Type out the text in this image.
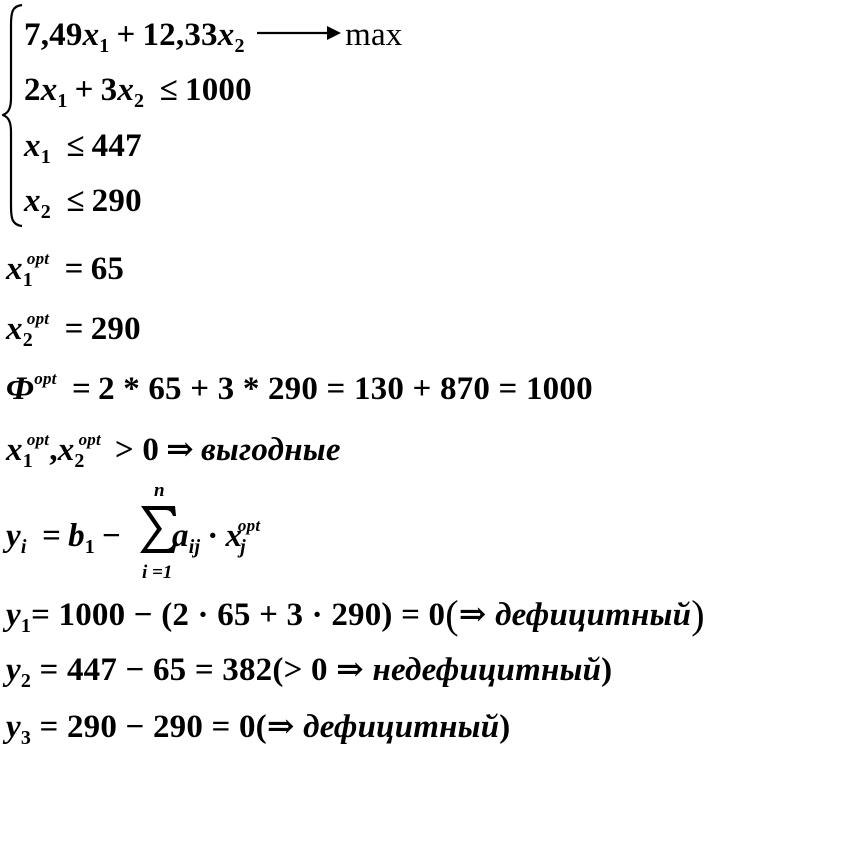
$7,49x_1 + 12,33x_2$	max
$2x_1 + 3x_2 \le 1000$
$x_1 \le 447$
$x_2 \le 290$
$x_1^{opt} = 65$
$x_2^{opt} = 290$
$Ф^{opt} = 2 * 65 + 3 * 290 = 130 + 870 = 1000$
$x_1^{opt},x_2^{opt} > 0$ ⇒ выгодные
$y_i = b_1 - a_{ij} \cdot x_j^{opt}$
n
i =1
$y_1= 1000 - (2 \cdot 65 + 3 \cdot 290)$ = 0(⇒ дефицитный)
$y_2 = 447 - 65 = 382(> 0$ ⇒ недефицитный)
$y_3 = 290 - 290$ = 0(⇒ дефицитный)
